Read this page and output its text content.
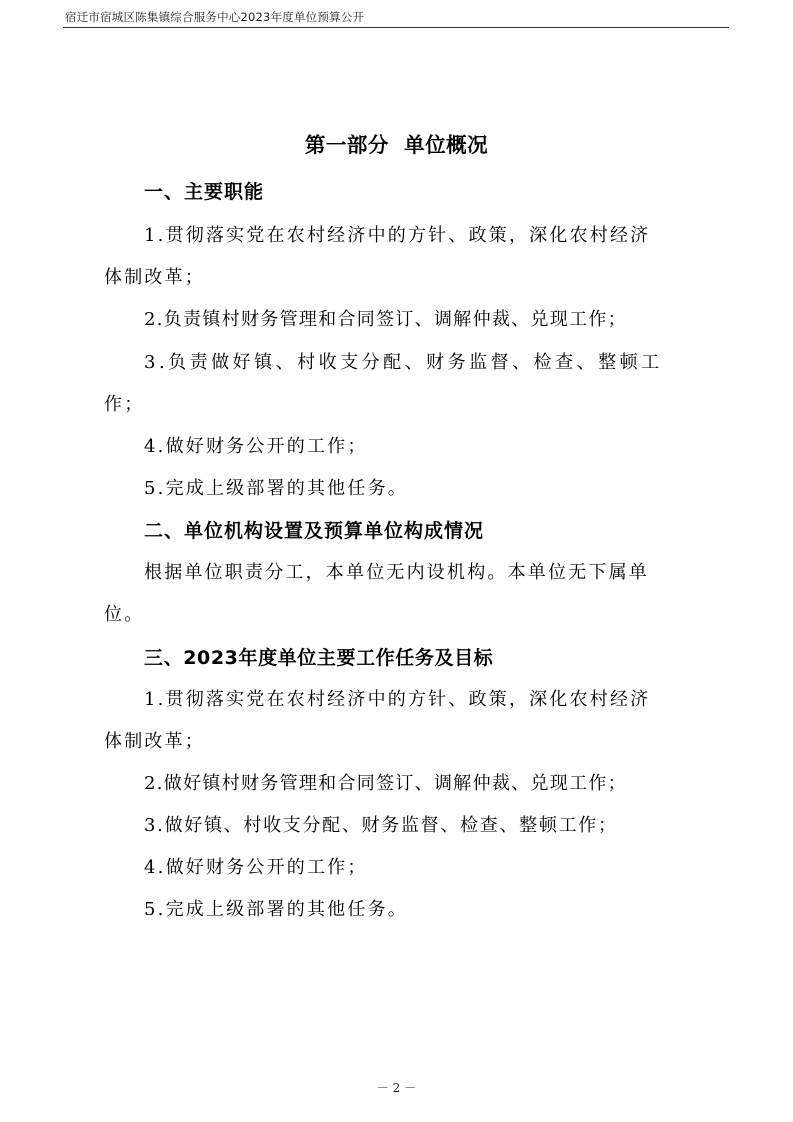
宿迁市宿城区陈集镇综合服务中心2023年度单位预算公开
第一部分  单位概况
一、主要职能
1.贯彻落实党在农村经济中的方针、政策，深化农村经济
体制改革；
2.负责镇村财务管理和合同签订、调解仲裁、兑现工作；
3.负责做好镇、村收支分配、财务监督、检查、整顿工
作；
4.做好财务公开的工作；
5.完成上级部署的其他任务。
二、单位机构设置及预算单位构成情况
根据单位职责分工，本单位无内设机构。本单位无下属单
位。
三、2023年度单位主要工作任务及目标
1.贯彻落实党在农村经济中的方针、政策，深化农村经济
体制改革；
2.做好镇村财务管理和合同签订、调解仲裁、兑现工作；
3.做好镇、村收支分配、财务监督、检查、整顿工作；
4.做好财务公开的工作；
5.完成上级部署的其他任务。
－ 2 －
